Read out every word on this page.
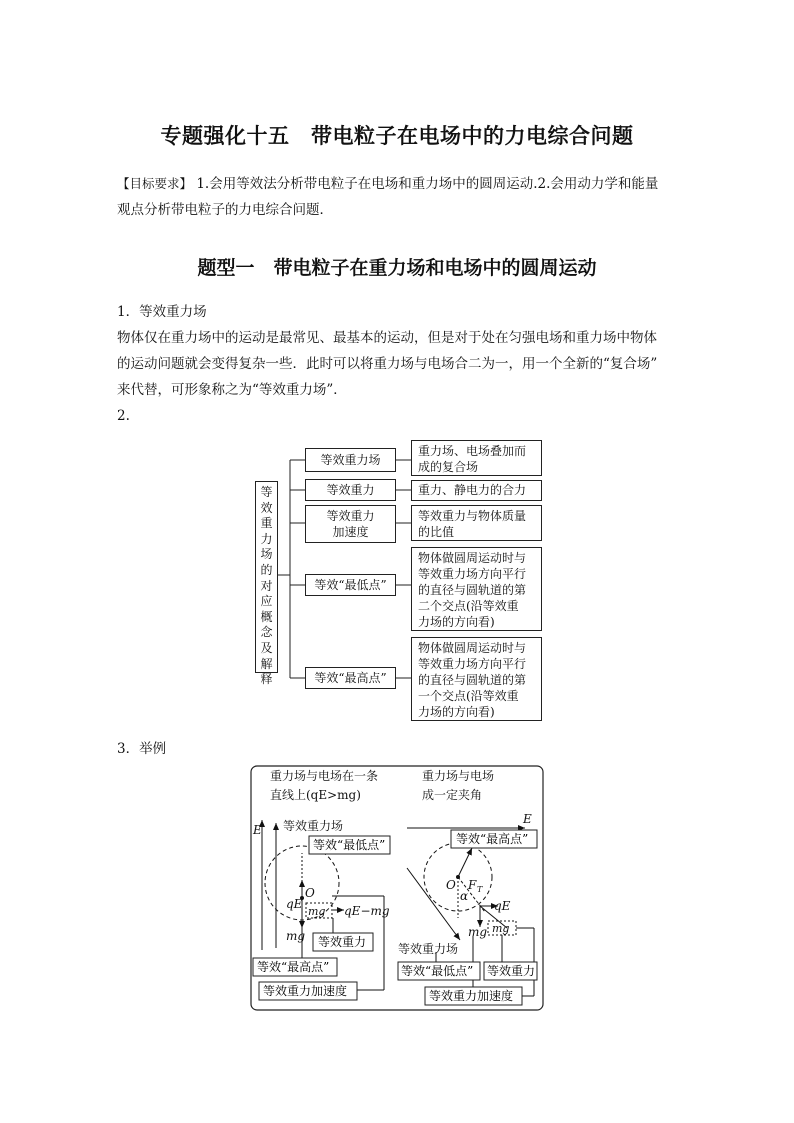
专题强化十五　带电粒子在电场中的力电综合问题
【目标要求】 1.会用等效法分析带电粒子在电场和重力场中的圆周运动.2.会用动力学和能量
观点分析带电粒子的力电综合问题．
题型一　带电粒子在重力场和电场中的圆周运动
1．等效重力场
物体仅在重力场中的运动是最常见、最基本的运动，但是对于处在匀强电场和重力场中物体
的运动问题就会变得复杂一些．此时可以将重力场与电场合二为一，用一个全新的“复合场”
来代替，可形象称之为“等效重力场”．
2.
等效重力场的对应概念及解释
等效重力场
等效重力
等效重力
加速度
等效“最低点”
等效“最高点”
重力场、电场叠加而
成的复合场
重力、静电力的合力
等效重力与物体质量
的比值
物体做圆周运动时与
等效重力场方向平行
的直径与圆轨道的第
二个交点(沿等效重
力场的方向看)
物体做圆周运动时与
等效重力场方向平行
的直径与圆轨道的第
一个交点(沿等效重
力场的方向看)
3．举例
重力场与电场在一条
直线上(qE>mg)
重力场与电场
成一定夹角
E 等效重力场
O
qE
mg qE−mg
mg
等效“最低点”
等效重力
等效“最高点”
等效重力加速度
E
O F T
α
qE
mg mg
等效重力场
等效“最高点”
等效“最低点” 等效重力
等效重力加速度
